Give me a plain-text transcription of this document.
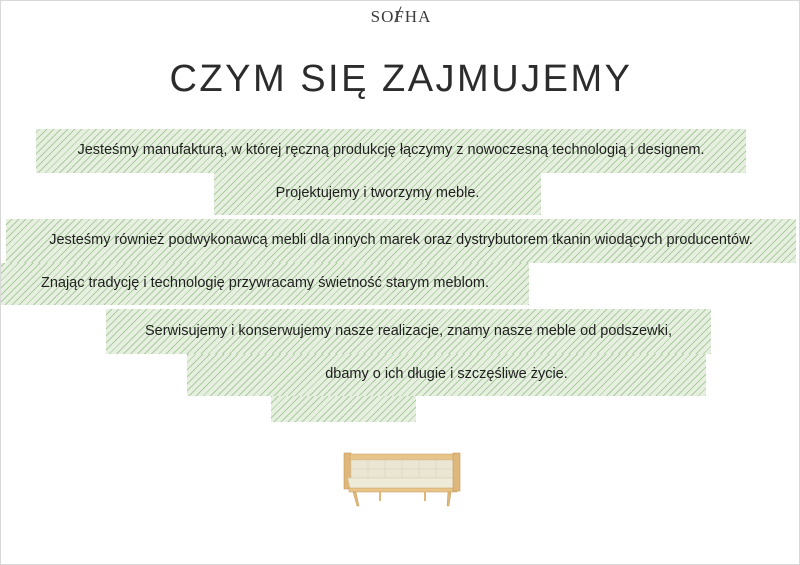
SOFHA
CZYM SIĘ ZAJMUJEMY
Jesteśmy manufakturą, w której ręczną produkcję łączymy z nowoczesną technologią i designem.
Projektujemy i tworzymy meble.
Jesteśmy również podwykonawcą mebli dla innych marek oraz dystrybutorem tkanin wiodących producentów.
Znając tradycję i technologię przywracamy świetność starym meblom.
Serwisujemy i konserwujemy nasze realizacje, znamy nasze meble od podszewki,
dbamy o ich długie i szczęśliwe życie.
